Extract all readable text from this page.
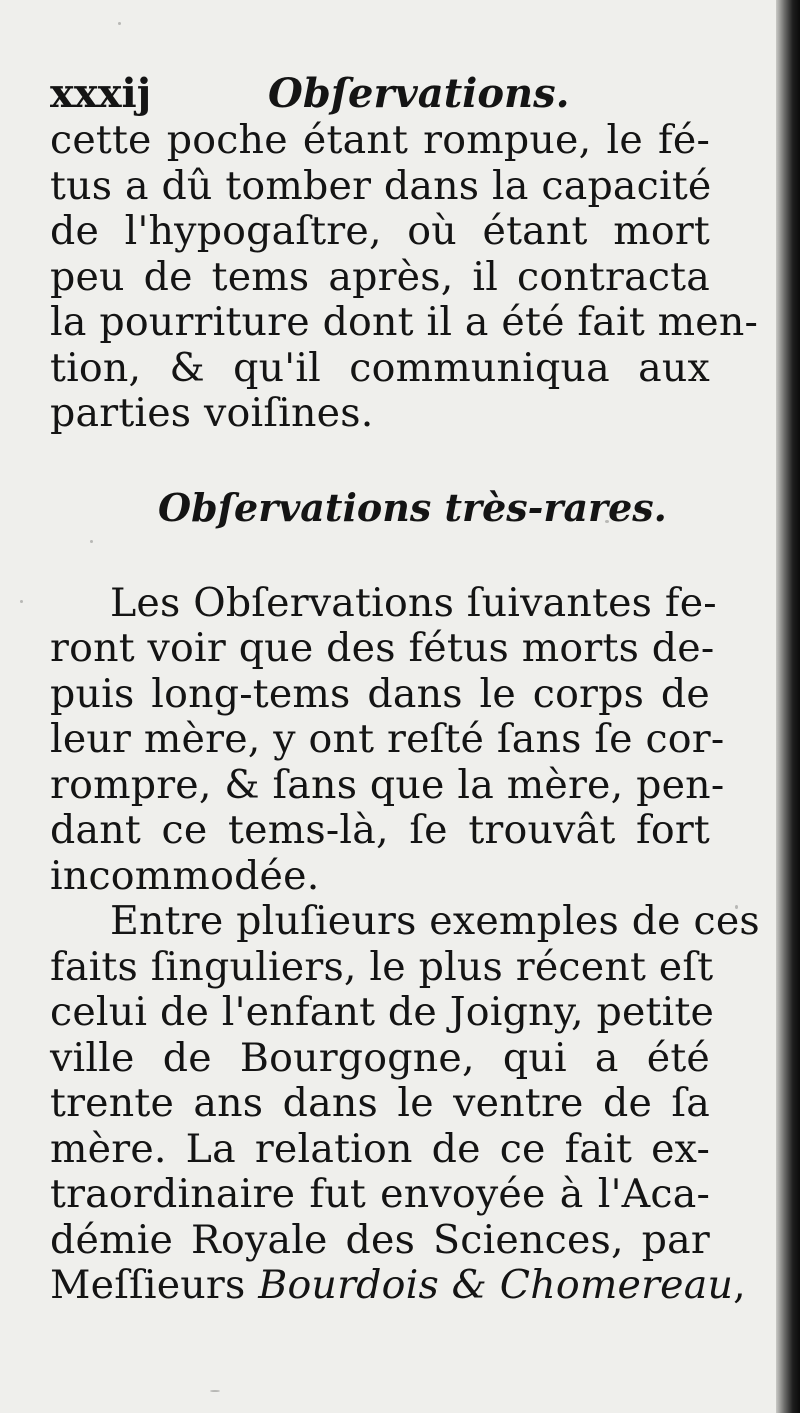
xxxij	Obſervations.
cette poche étant rompue, le fé-
tus a dû tomber dans la capacité
de l'hypogaſtre, où étant mort
peu de tems après, il contracta
la pourriture dont il a été fait men-
tion, & qu'il communiqua aux
parties voiſines.
Obſervations très-rares.
Les Obſervations ſuivantes fe-
ront voir que des fétus morts de-
puis long-tems dans le corps de
leur mère, y ont reſté ſans ſe cor-
rompre, & ſans que la mère, pen-
dant ce tems-là, ſe trouvât fort
incommodée.
Entre pluſieurs exemples de ces
faits ſinguliers, le plus récent eſt
celui de l'enfant de Joigny, petite
ville de Bourgogne, qui a été
trente ans dans le ventre de ſa
mère. La relation de ce fait ex-
traordinaire fut envoyée à l'Aca-
démie Royale des Sciences, par
Meſſieurs Bourdois & Chomereau,
